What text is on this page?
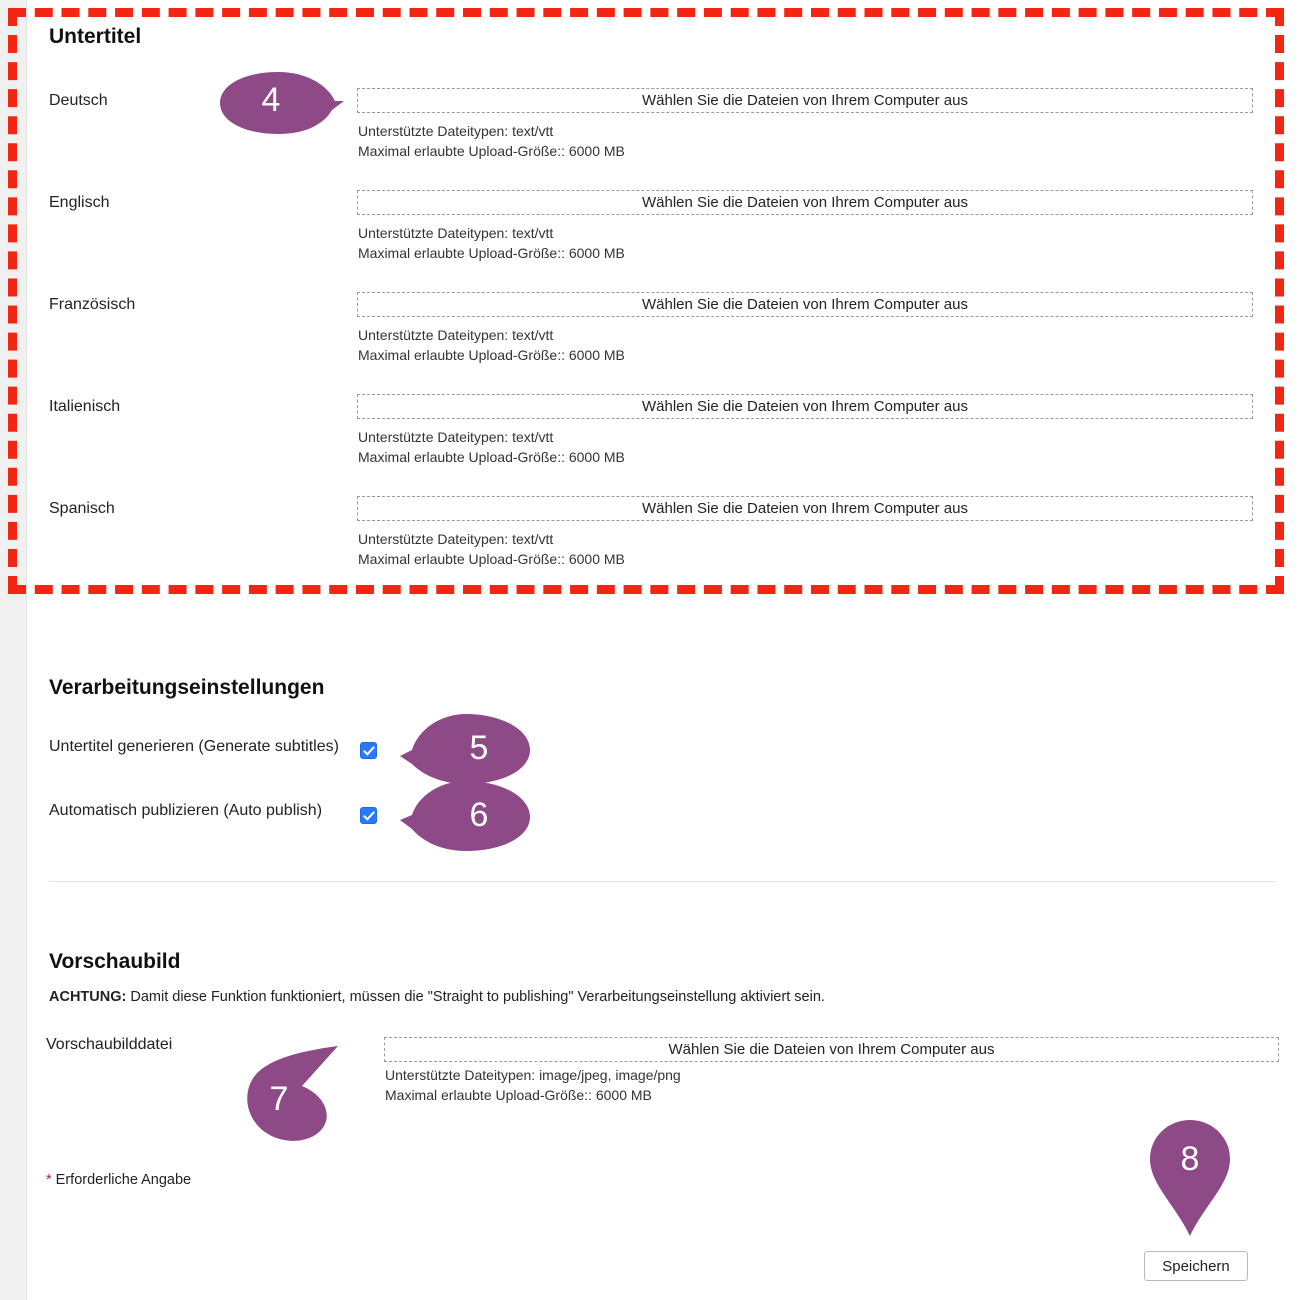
Untertitel
Deutsch	Wählen Sie die Dateien von Ihrem Computer aus
Unterstützte Dateitypen: text/vtt
Maximal erlaubte Upload-Größe:: 6000 MB
Englisch	Wählen Sie die Dateien von Ihrem Computer aus
Unterstützte Dateitypen: text/vtt
Maximal erlaubte Upload-Größe:: 6000 MB
Französisch	Wählen Sie die Dateien von Ihrem Computer aus
Unterstützte Dateitypen: text/vtt
Maximal erlaubte Upload-Größe:: 6000 MB
Italienisch	Wählen Sie die Dateien von Ihrem Computer aus
Unterstützte Dateitypen: text/vtt
Maximal erlaubte Upload-Größe:: 6000 MB
Spanisch	Wählen Sie die Dateien von Ihrem Computer aus
Unterstützte Dateitypen: text/vtt
Maximal erlaubte Upload-Größe:: 6000 MB
Verarbeitungseinstellungen
Untertitel generieren (Generate subtitles)
Automatisch publizieren (Auto publish)
Vorschaubild
ACHTUNG: Damit diese Funktion funktioniert, müssen die "Straight to publishing" Verarbeitungseinstellung aktiviert sein.
Vorschaubilddatei	Wählen Sie die Dateien von Ihrem Computer aus
Unterstützte Dateitypen: image/jpeg, image/png
Maximal erlaubte Upload-Größe:: 6000 MB
* Erforderliche Angabe
Speichern
4
5
6
7
8
